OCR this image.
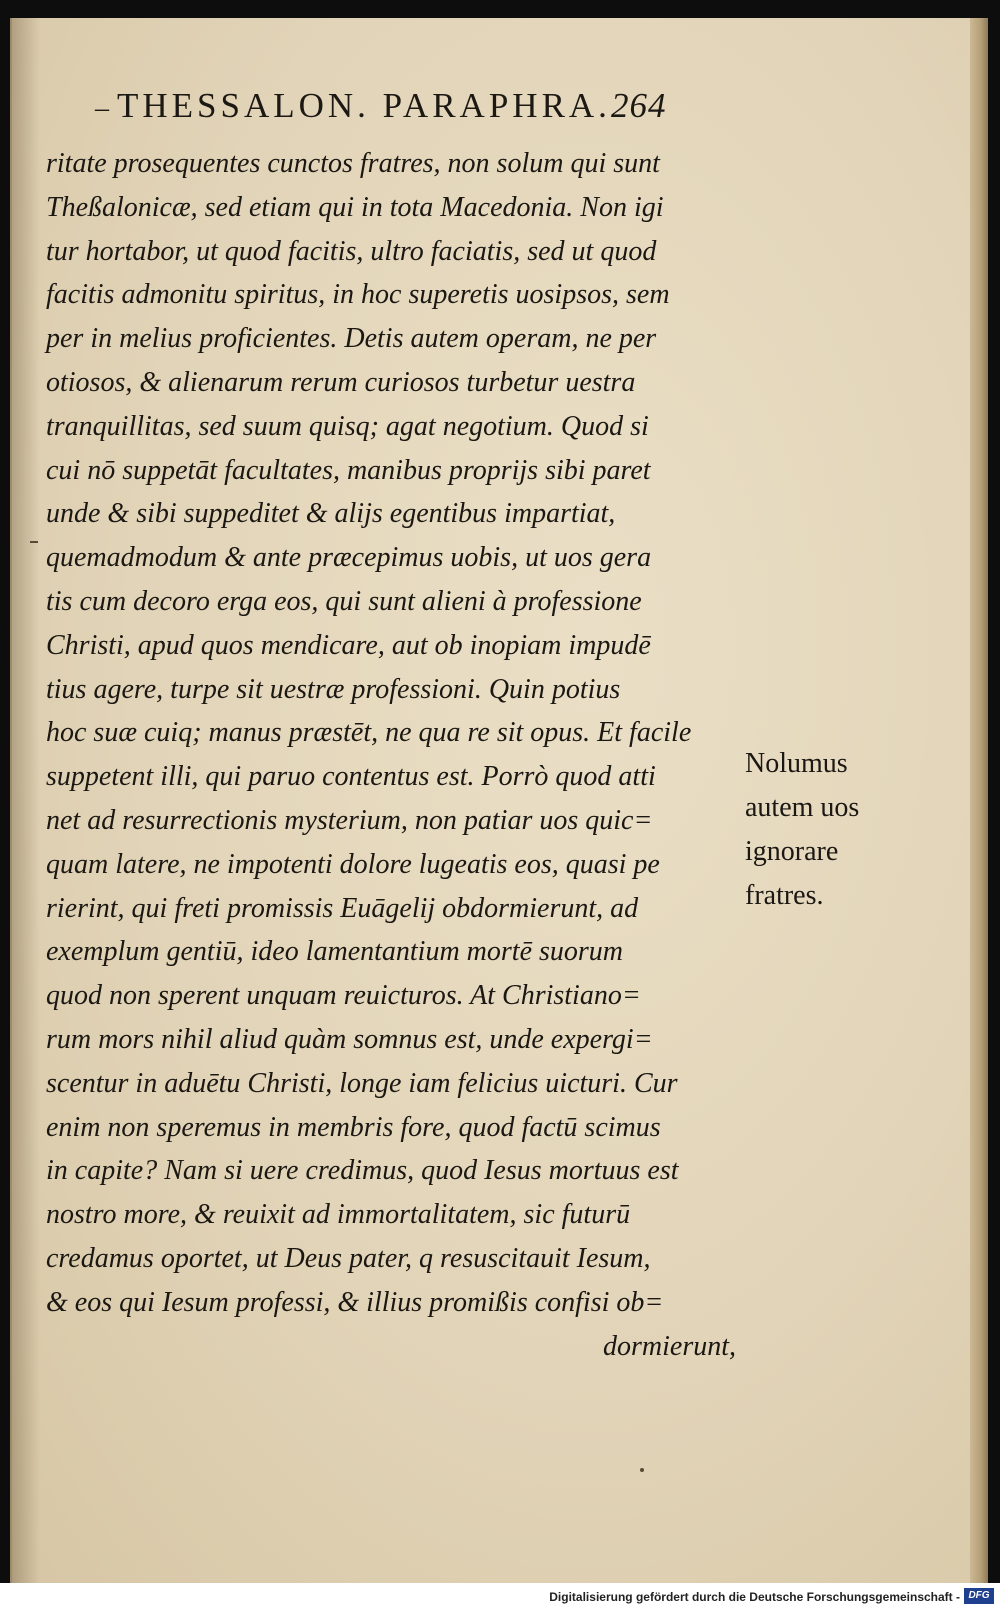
– THESSALON. PARAPHRA.264
ritate prosequentes cunctos fratres, non solum qui sunt
Theßalonicæ, sed etiam qui in tota Macedonia. Non igi
tur hortabor, ut quod facitis, ultro faciatis, sed ut quod
facitis admonitu spiritus, in hoc superetis uosipsos, sem
per in melius proficientes. Detis autem operam, ne per
otiosos, & alienarum rerum curiosos turbetur uestra
tranquillitas, sed suum quisq; agat negotium. Quod si
cui nō suppetāt facultates, manibus proprijs sibi paret
unde & sibi suppeditet & alijs egentibus impartiat,
quemadmodum & ante præcepimus uobis, ut uos gera
tis cum decoro erga eos, qui sunt alieni à professione
Christi, apud quos mendicare, aut ob inopiam impudē
tius agere, turpe sit uestræ professioni. Quin potius
hoc suæ cuiq; manus præstēt, ne qua re sit opus. Et facile
suppetent illi, qui paruo contentus est. Porrò quod atti
net ad resurrectionis mysterium, non patiar uos quic=
quam latere, ne impotenti dolore lugeatis eos, quasi pe
rierint, qui freti promissis Euāgelij obdormierunt, ad
exemplum gentiū, ideo lamentantium mortē suorum
quod non sperent unquam reuicturos. At Christiano=
rum mors nihil aliud quàm somnus est, unde expergi=
scentur in aduētu Christi, longe iam felicius uicturi. Cur
enim non speremus in membris fore, quod factū scimus
in capite? Nam si uere credimus, quod Iesus mortuus est
nostro more, & reuixit ad immortalitatem, sic futurū
credamus oportet, ut Deus pater, q resuscitauit Iesum,
& eos qui Iesum professi, & illius promißis confisi ob=
dormierunt,
Nolumus
autem uos
ignorare
fratres.
Digitalisierung gefördert durch die Deutsche Forschungsgemeinschaft - DFG
